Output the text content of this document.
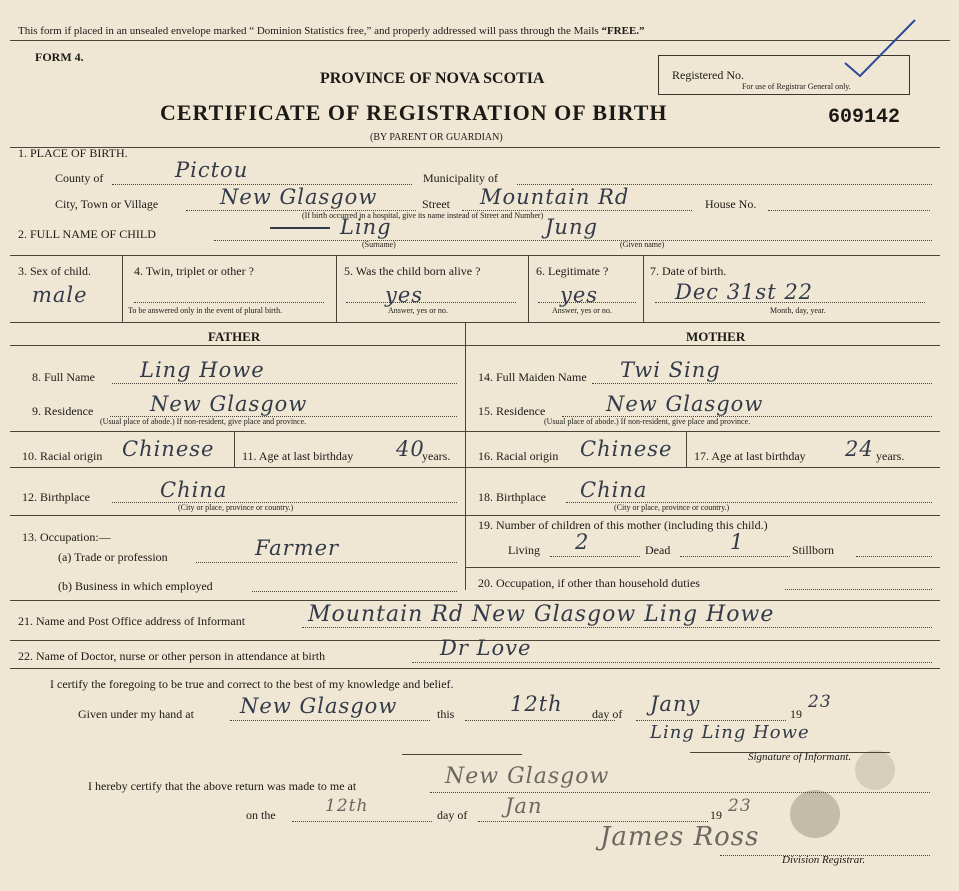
This form if placed in an unsealed envelope marked “ Dominion Statistics free,” and properly addressed will pass through the Mails “FREE.”
FORM 4.
PROVINCE OF NOVA SCOTIA
CERTIFICATE OF REGISTRATION OF BIRTH
(BY PARENT OR GUARDIAN)
Registered No.
For use of Registrar General only.
609142
1. PLACE OF BIRTH.
County of	Pictou	Municipality of
City, Town or Village	New Glasgow	Street Mountain Rd	House No.
(If birth occurred in a hospital, give its name instead of Street and Number)
2. FULL NAME OF CHILD	Ling	Jung
(Surname)	(Given name)
3. Sex of child.
male
4. Twin, triplet or other ?
To be answered only in the event of plural birth.
5. Was the child born alive ?
yes
Answer, yes or no.
6. Legitimate ?
yes
Answer, yes or no.
7. Date of birth.
Dec 31st 22
Month, day, year.
FATHER	MOTHER
8. Full Name Ling Howe
9. Residence	New Glasgow
(Usual place of abode.) If non-resident, give place and province.
10. Racial origin Chinese 11. Age at last birthday 40
years.
12. Birthplace	China
(City or place, province or country.)
13. Occupation:—
(a) Trade or profession	Farmer
(b) Business in which employed
14. Full Maiden Name Twi Sing
15. Residence	New Glasgow
(Usual place of abode.) If non-resident, give place and province.
16. Racial origin Chinese 17. Age at last birthday 24 years.
18. Birthplace China
(City or place, province or country.)
19. Number of children of this mother (including this child.)
Living 2	Dead	1	Stillborn
20. Occupation, if other than household duties
21. Name and Post Office address of Informant	Mountain Rd New Glasgow Ling Howe
22. Name of Doctor, nurse or other person in attendance at birth	Dr Love
I certify the foregoing to be true and correct to the best of my knowledge and belief.
Given under my hand at New Glasgow	this	12th day of Jany	19
23
Ling Ling Howe
Signature of Informant.
I hereby certify that the above return was made to me at	New Glasgow
on the	12th	day of Jan	19 23
James Ross
Division Registrar.
